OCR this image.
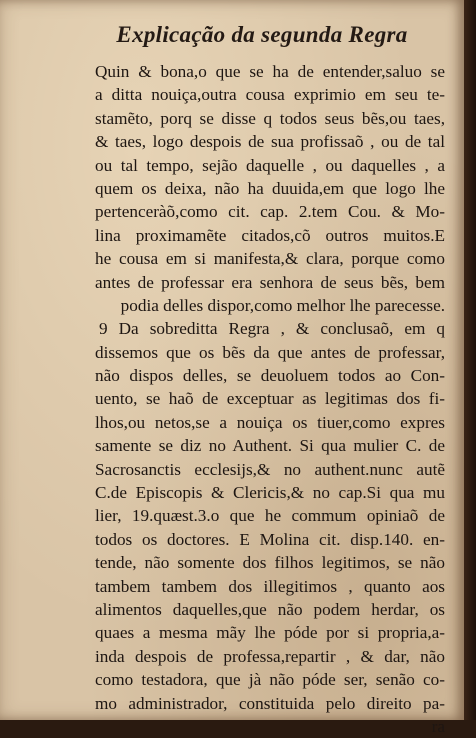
Explicação da segunda Regra
Quin & bona,o que se ha de entender,saluo se
a ditta nouiça,outra cousa exprimio em seu te-
stamẽto, porq se disse q todos seus bẽs,ou taes,
& taes, logo despois de sua profissaõ , ou de tal
ou tal tempo, sejão daquelle , ou daquelles , a
quem os deixa, não ha duuida,em que logo lhe
pertenceràõ,como cit. cap. 2.tem Cou. & Mo-
lina proximamẽte citados,cõ outros muitos.E
he cousa em si manifesta,& clara, porque como
antes de professar era senhora de seus bẽs, bem
podia delles dispor,como melhor lhe parecesse.
9 Da sobreditta Regra , & conclusaõ, em q
dissemos que os bẽs da que antes de professar,
não dispos delles, se deuoluem todos ao Con-
uento, se haõ de exceptuar as legitimas dos fi-
lhos,ou netos,se a nouiça os tiuer,como expres
samente se diz no Authent. Si qua mulier C. de
Sacrosanctis ecclesijs,& no authent.nunc autẽ
C.de Episcopis & Clericis,& no cap.Si qua mu
lier, 19.quæst.3.o que he commum opiniaõ de
todos os doctores. E Molina cit. disp.140. en-
tende, não somente dos filhos legitimos, se não
tambem tambem dos illegitimos , quanto aos
alimentos daquelles,que não podem herdar, os
quaes a mesma mãy lhe póde por si propria,a-
inda despois de professa,repartir , & dar, não
como testadora, que jà não póde ser, senão co-
mo administrador, constituida pelo direito pa-
ra
